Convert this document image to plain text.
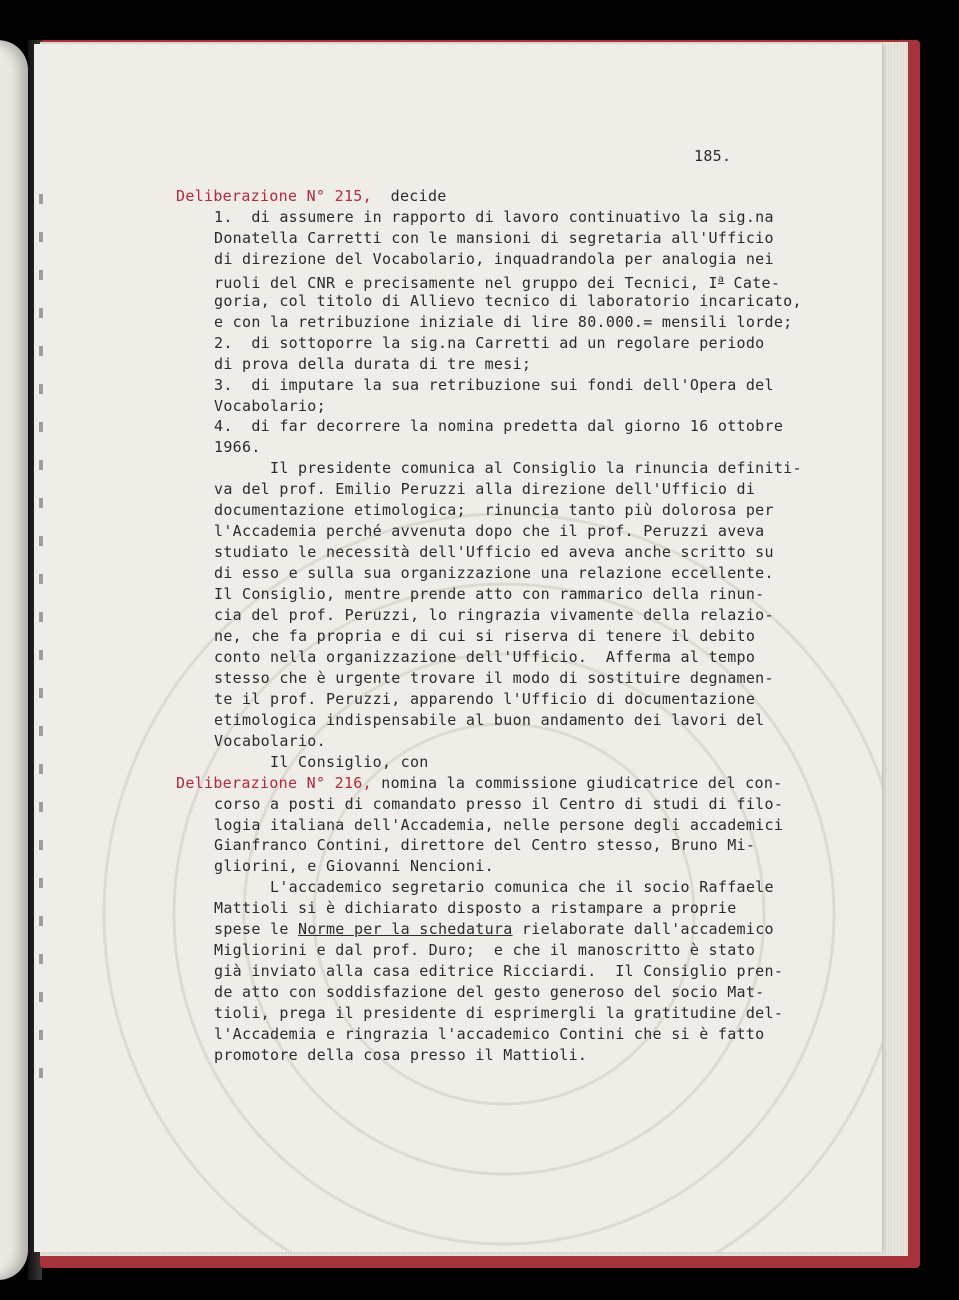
185.
Deliberazione N° 215,  decide
1.  di assumere in rapporto di lavoro continuativo la sig.na
Donatella Carretti con le mansioni di segretaria all'Ufficio
di direzione del Vocabolario, inquadrandola per analogia nei
ruoli del CNR e precisamente nel gruppo dei Tecnici, $I^a$ Cate-
goria, col titolo di Allievo tecnico di laboratorio incaricato,
e con la retribuzione iniziale di lire 80.000.= mensili lorde;
2.  di sottoporre la sig.na Carretti ad un regolare periodo
di prova della durata di tre mesi;
3.  di imputare la sua retribuzione sui fondi dell'Opera del
Vocabolario;
4.  di far decorrere la nomina predetta dal giorno 16 ottobre
1966.
Il presidente comunica al Consiglio la rinuncia definiti-
va del prof. Emilio Peruzzi alla direzione dell'Ufficio di
documentazione etimologica;  rinuncia tanto più dolorosa per
l'Accademia perché avvenuta dopo che il prof. Peruzzi aveva
studiato le necessità dell'Ufficio ed aveva anche scritto su
di esso e sulla sua organizzazione una relazione eccellente.
Il Consiglio, mentre prende atto con rammarico della rinun-
cia del prof. Peruzzi, lo ringrazia vivamente della relazio-
ne, che fa propria e di cui si riserva di tenere il debito
conto nella organizzazione dell'Ufficio.  Afferma al tempo
stesso che è urgente trovare il modo di sostituire degnamen-
te il prof. Peruzzi, apparendo l'Ufficio di documentazione
etimologica indispensabile al buon andamento dei lavori del
Vocabolario.
Il Consiglio, con
Deliberazione N° 216, nomina la commissione giudicatrice del con-
corso a posti di comandato presso il Centro di studi di filo-
logia italiana dell'Accademia, nelle persone degli accademici
Gianfranco Contini, direttore del Centro stesso, Bruno Mi-
gliorini, e Giovanni Nencioni.
L'accademico segretario comunica che il socio Raffaele
Mattioli si è dichiarato disposto a ristampare a proprie
spese le Norme per la schedatura rielaborate dall'accademico
Migliorini e dal prof. Duro;  e che il manoscritto è stato
già inviato alla casa editrice Ricciardi.  Il Consiglio pren-
de atto con soddisfazione del gesto generoso del socio Mat-
tioli, prega il presidente di esprimergli la gratitudine del-
l'Accademia e ringrazia l'accademico Contini che si è fatto
promotore della cosa presso il Mattioli.
